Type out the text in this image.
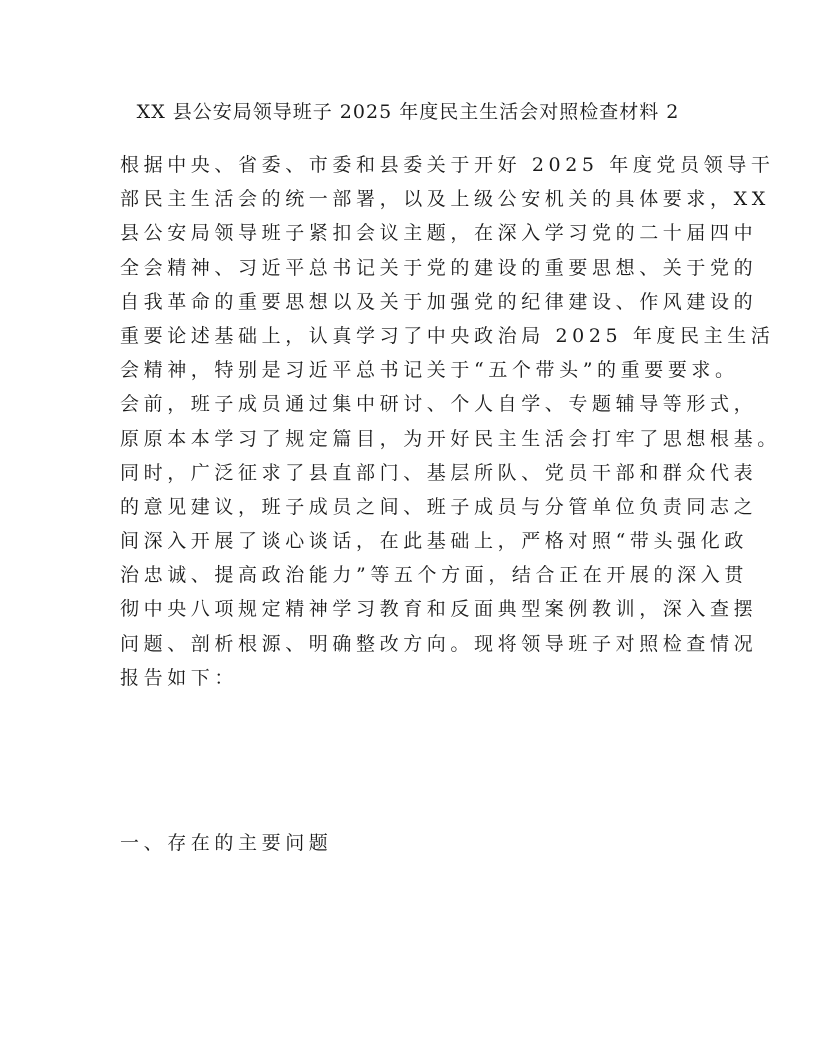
XX 县公安局领导班子 2025 年度民主生活会对照检查材料 2
根据中央、省委、市委和县委关于开好 2025 年度党员领导干
部民主生活会的统一部署，以及上级公安机关的具体要求，XX
县公安局领导班子紧扣会议主题，在深入学习党的二十届四中
全会精神、习近平总书记关于党的建设的重要思想、关于党的
自我革命的重要思想以及关于加强党的纪律建设、作风建设的
重要论述基础上，认真学习了中央政治局 2025 年度民主生活
会精神，特别是习近平总书记关于“五个带头”的重要要求。
会前，班子成员通过集中研讨、个人自学、专题辅导等形式，
原原本本学习了规定篇目，为开好民主生活会打牢了思想根基。
同时，广泛征求了县直部门、基层所队、党员干部和群众代表
的意见建议，班子成员之间、班子成员与分管单位负责同志之
间深入开展了谈心谈话，在此基础上，严格对照“带头强化政
治忠诚、提高政治能力”等五个方面，结合正在开展的深入贯
彻中央八项规定精神学习教育和反面典型案例教训，深入查摆
问题、剖析根源、明确整改方向。现将领导班子对照检查情况
报告如下：
一、存在的主要问题
